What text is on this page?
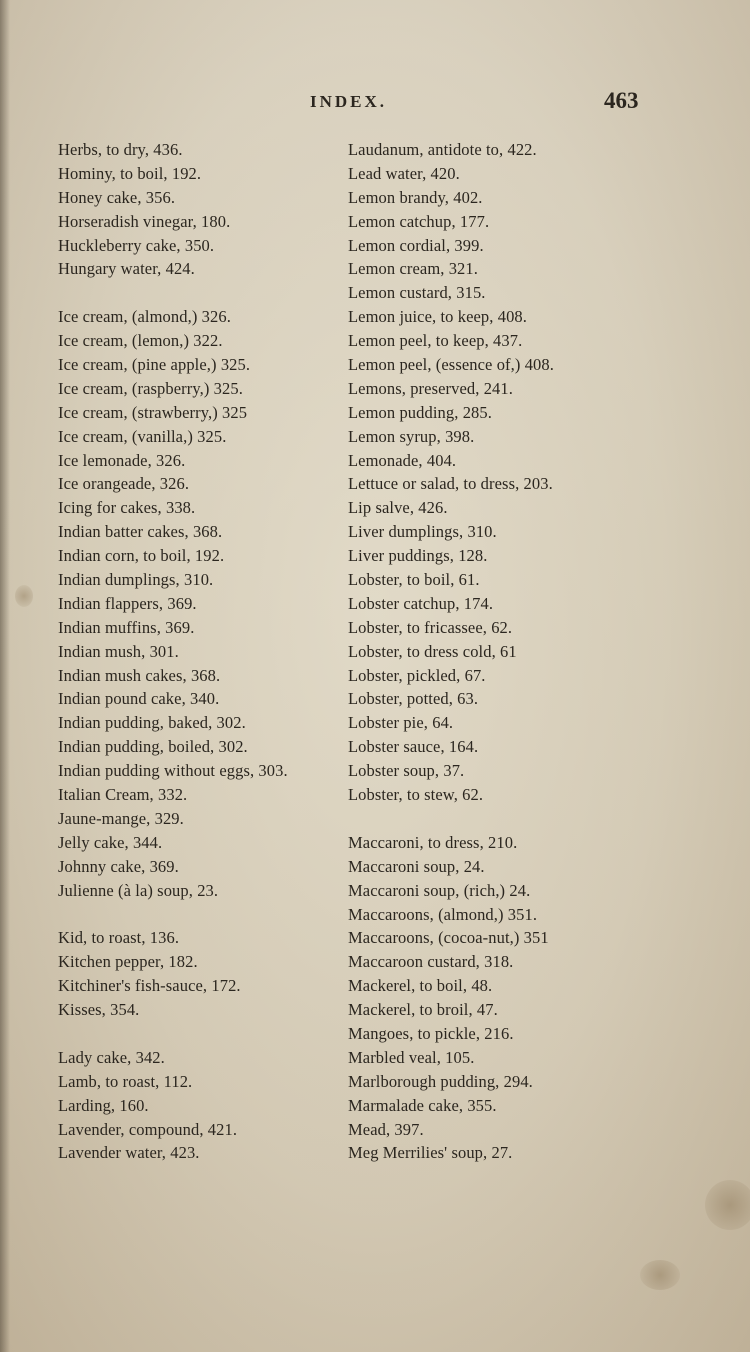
INDEX.	463
Herbs, to dry, 436.
Hominy, to boil, 192.
Honey cake, 356.
Horseradish vinegar, 180.
Huckleberry cake, 350.
Hungary water, 424.
Ice cream, (almond,) 326.
Ice cream, (lemon,) 322.
Ice cream, (pine apple,) 325.
Ice cream, (raspberry,) 325.
Ice cream, (strawberry,) 325
Ice cream, (vanilla,) 325.
Ice lemonade, 326.
Ice orangeade, 326.
Icing for cakes, 338.
Indian batter cakes, 368.
Indian corn, to boil, 192.
Indian dumplings, 310.
Indian flappers, 369.
Indian muffins, 369.
Indian mush, 301.
Indian mush cakes, 368.
Indian pound cake, 340.
Indian pudding, baked, 302.
Indian pudding, boiled, 302.
Indian pudding without eggs, 303.
Italian Cream, 332.
Jaune-mange, 329.
Jelly cake, 344.
Johnny cake, 369.
Julienne (à la) soup, 23.
Kid, to roast, 136.
Kitchen pepper, 182.
Kitchiner's fish-sauce, 172.
Kisses, 354.
Lady cake, 342.
Lamb, to roast, 112.
Larding, 160.
Lavender, compound, 421.
Lavender water, 423.
Laudanum, antidote to, 422.
Lead water, 420.
Lemon brandy, 402.
Lemon catchup, 177.
Lemon cordial, 399.
Lemon cream, 321.
Lemon custard, 315.
Lemon juice, to keep, 408.
Lemon peel, to keep, 437.
Lemon peel, (essence of,) 408.
Lemons, preserved, 241.
Lemon pudding, 285.
Lemon syrup, 398.
Lemonade, 404.
Lettuce or salad, to dress, 203.
Lip salve, 426.
Liver dumplings, 310.
Liver puddings, 128.
Lobster, to boil, 61.
Lobster catchup, 174.
Lobster, to fricassee, 62.
Lobster, to dress cold, 61
Lobster, pickled, 67.
Lobster, potted, 63.
Lobster pie, 64.
Lobster sauce, 164.
Lobster soup, 37.
Lobster, to stew, 62.
Maccaroni, to dress, 210.
Maccaroni soup, 24.
Maccaroni soup, (rich,) 24.
Maccaroons, (almond,) 351.
Maccaroons, (cocoa-nut,) 351
Maccaroon custard, 318.
Mackerel, to boil, 48.
Mackerel, to broil, 47.
Mangoes, to pickle, 216.
Marbled veal, 105.
Marlborough pudding, 294.
Marmalade cake, 355.
Mead, 397.
Meg Merrilies' soup, 27.
